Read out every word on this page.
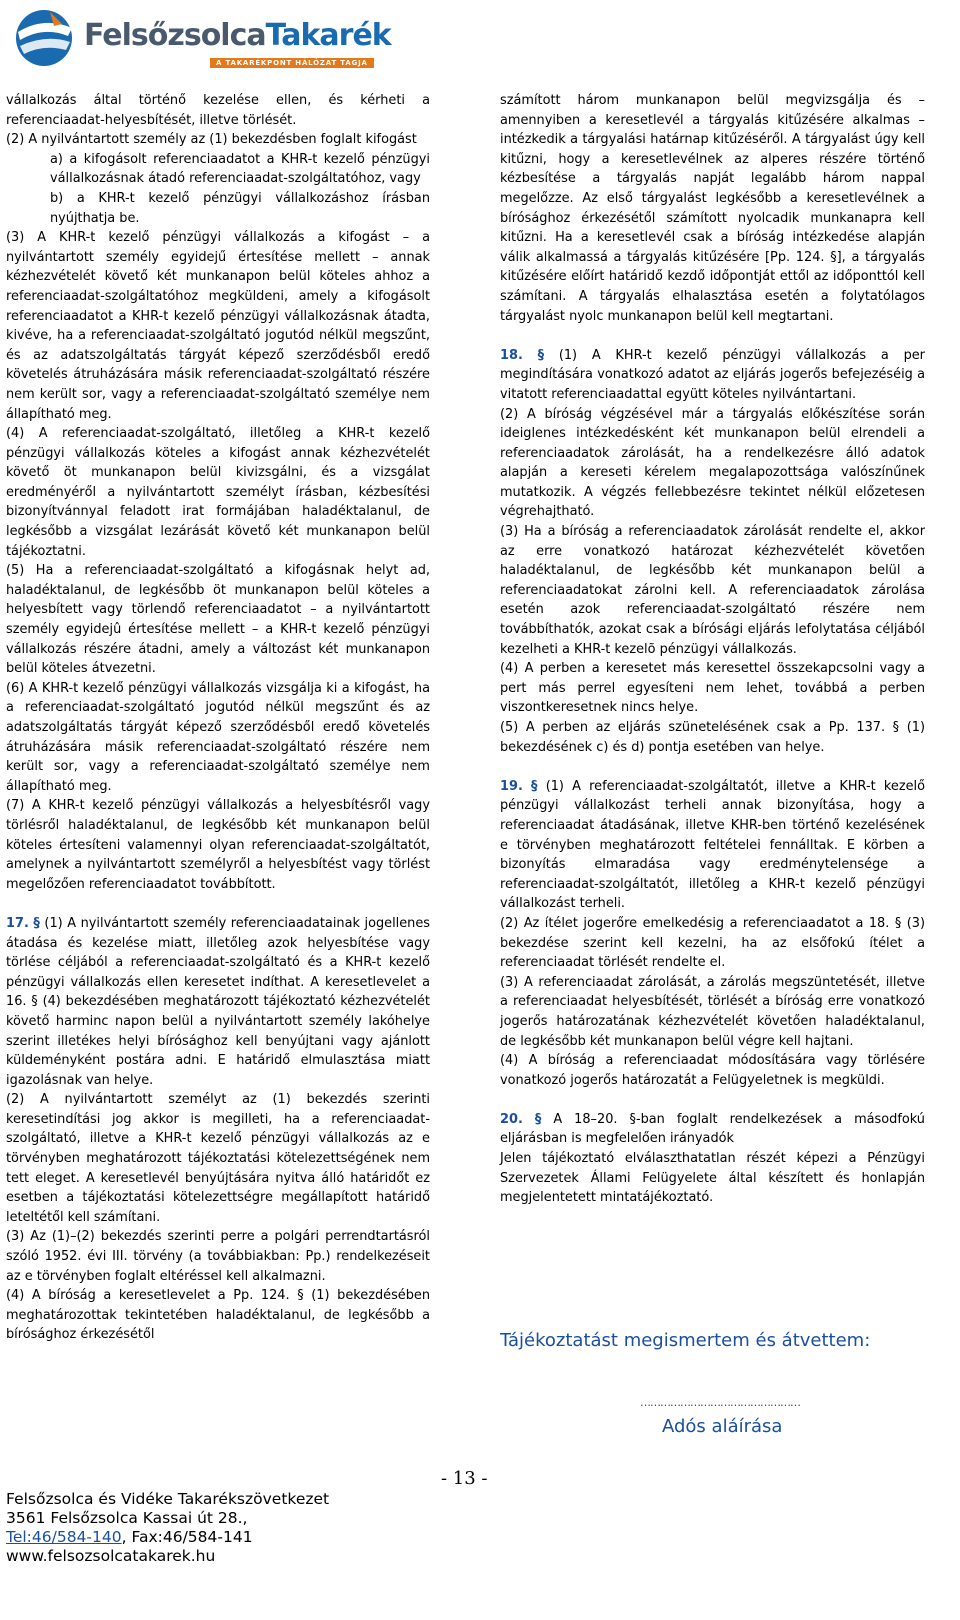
FelsőzsolcaTakarék
A TAKARÉKPONT HÁLÓZAT TAGJA

vállalkozás által történő kezelése ellen, és kérheti a referenciaadat-helyesbítését, illetve törlését.

(2) A nyilvántartott személy az (1) bekezdésben foglalt kifogást

a) a kifogásolt referenciaadatot a KHR-t kezelő pénzügyi vállalkozásnak átadó referenciaadat-szolgáltatóhoz, vagy

b) a KHR-t kezelő pénzügyi vállalkozáshoz írásban nyújthatja be.

(3) A KHR-t kezelő pénzügyi vállalkozás a kifogást – a nyilvántartott személy egyidejű értesítése mellett – annak kézhezvételét követő két munkanapon belül köteles ahhoz a referenciaadat-szolgáltatóhoz megküldeni, amely a kifogásolt referenciaadatot a KHR-t kezelő pénzügyi vállalkozásnak átadta, kivéve, ha a referenciaadat-szolgáltató jogutód nélkül megszűnt, és az adatszolgáltatás tárgyát képező szerződésből eredő követelés átruházására másik referenciaadat-szolgáltató részére nem került sor, vagy a referenciaadat-szolgáltató személye nem állapítható meg.

(4) A referenciaadat-szolgáltató, illetőleg a KHR-t kezelő pénzügyi vállalkozás köteles a kifogást annak kézhezvételét követő öt munkanapon belül kivizsgálni, és a vizsgálat eredményéről a nyilvántartott személyt írásban, kézbesítési bizonyítvánnyal feladott irat formájában haladéktalanul, de legkésőbb a vizsgálat lezárását követő két munkanapon belül tájékoztatni.

(5) Ha a referenciaadat-szolgáltató a kifogásnak helyt ad, haladéktalanul, de legkésőbb öt munkanapon belül köteles a helyesbített vagy törlendő referenciaadatot – a nyilvántartott személy egyidejû értesítése mellett – a KHR-t kezelő pénzügyi vállalkozás részére átadni, amely a változást két munkanapon belül köteles átvezetni.

(6) A KHR-t kezelő pénzügyi vállalkozás vizsgálja ki a kifogást, ha a referenciaadat-szolgáltató jogutód nélkül megszűnt és az adatszolgáltatás tárgyát képező szerződésből eredő követelés átruházására másik referenciaadat-szolgáltató részére nem került sor, vagy a referenciaadat-szolgáltató személye nem állapítható meg.

(7) A KHR-t kezelő pénzügyi vállalkozás a helyesbítésről vagy törlésről haladéktalanul, de legkésőbb két munkanapon belül köteles értesíteni valamennyi olyan referenciaadat-szolgáltatót, amelynek a nyilvántartott személyről a helyesbítést vagy törlést megelőzően referenciaadatot továbbított.

17. § (1) A nyilvántartott személy referenciaadatainak jogellenes átadása és kezelése miatt, illetőleg azok helyesbítése vagy törlése céljából a referenciaadat-szolgáltató és a KHR-t kezelő pénzügyi vállalkozás ellen keresetet indíthat. A keresetlevelet a 16. § (4) bekezdésében meghatározott tájékoztató kézhezvételét követő harminc napon belül a nyilvántartott személy lakóhelye szerint illetékes helyi bírósághoz kell benyújtani vagy ajánlott küldeményként postára adni. E határidő elmulasztása miatt igazolásnak van helye.

(2) A nyilvántartott személyt az (1) bekezdés szerinti keresetindítási jog akkor is megilleti, ha a referenciaadat-szolgáltató, illetve a KHR-t kezelő pénzügyi vállalkozás az e törvényben meghatározott tájékoztatási kötelezettségének nem tett eleget. A keresetlevél benyújtására nyitva álló határidőt ez esetben a tájékoztatási kötelezettségre megállapított határidő leteltétől kell számítani.

(3) Az (1)–(2) bekezdés szerinti perre a polgári perrendtartásról szóló 1952. évi III. törvény (a továbbiakban: Pp.) rendelkezéseit az e törvényben foglalt eltéréssel kell alkalmazni.

(4) A bíróság a keresetlevelet a Pp. 124. § (1) bekezdésében meghatározottak tekintetében haladéktalanul, de legkésőbb a bírósághoz érkezésétől

számított három munkanapon belül megvizsgálja és – amennyiben a keresetlevél a tárgyalás kitűzésére alkalmas – intézkedik a tárgyalási határnap kitűzéséről. A tárgyalást úgy kell kitűzni, hogy a keresetlevélnek az alperes részére történő kézbesítése a tárgyalás napját legalább három nappal megelőzze. Az első tárgyalást legkésőbb a keresetlevélnek a bírósághoz érkezésétől számított nyolcadik munkanapra kell kitűzni. Ha a keresetlevél csak a bíróság intézkedése alapján válik alkalmassá a tárgyalás kitűzésére [Pp. 124. §], a tárgyalás kitűzésére előírt határidő kezdő időpontját ettől az időponttól kell számítani. A tárgyalás elhalasztása esetén a folytatólagos tárgyalást nyolc munkanapon belül kell megtartani.

18. § (1) A KHR-t kezelő pénzügyi vállalkozás a per megindítására vonatkozó adatot az eljárás jogerős befejezéséig a vitatott referenciaadattal együtt köteles nyilvántartani.

(2) A bíróság végzésével már a tárgyalás előkészítése során ideiglenes intézkedésként két munkanapon belül elrendeli a referenciaadatok zárolását, ha a rendelkezésre álló adatok alapján a kereseti kérelem megalapozottsága valószínűnek mutatkozik. A végzés fellebbezésre tekintet nélkül előzetesen végrehajtható.

(3) Ha a bíróság a referenciaadatok zárolását rendelte el, akkor az erre vonatkozó határozat kézhezvételét követően haladéktalanul, de legkésőbb két munkanapon belül a referenciaadatokat zárolni kell. A referenciaadatok zárolása esetén azok referenciaadat-szolgáltató részére nem továbbíthatók, azokat csak a bírósági eljárás lefolytatása céljából kezelheti a KHR-t kezelõ pénzügyi vállalkozás.

(4) A perben a keresetet más keresettel összekapcsolni vagy a pert más perrel egyesíteni nem lehet, továbbá a perben viszontkeresetnek nincs helye.

(5) A perben az eljárás szünetelésének csak a Pp. 137. § (1) bekezdésének c) és d) pontja esetében van helye.

19. § (1) A referenciaadat-szolgáltatót, illetve a KHR-t kezelő pénzügyi vállalkozást terheli annak bizonyítása, hogy a referenciaadat átadásának, illetve KHR-ben történő kezelésének e törvényben meghatározott feltételei fennálltak. E körben a bizonyítás elmaradása vagy eredménytelensége a referenciaadat-szolgáltatót, illetőleg a KHR-t kezelő pénzügyi vállalkozást terheli.

(2) Az ítélet jogerőre emelkedésig a referenciaadatot a 18. § (3) bekezdése szerint kell kezelni, ha az elsőfokú ítélet a referenciaadat törlését rendelte el.

(3) A referenciaadat zárolását, a zárolás megszüntetését, illetve a referenciaadat helyesbítését, törlését a bíróság erre vonatkozó jogerős határozatának kézhezvételét követően haladéktalanul, de legkésőbb két munkanapon belül végre kell hajtani.

(4) A bíróság a referenciaadat módosítására vagy törlésére vonatkozó jogerős határozatát a Felügyeletnek is megküldi.

20. § A 18–20. §-ban foglalt rendelkezések a másodfokú eljárásban is megfelelően irányadók

Jelen tájékoztató elválaszthatatlan részét képezi a Pénzügyi Szervezetek Állami Felügyelete által készített és honlapján megjelentetett mintatájékoztató.

Tájékoztatást megismertem és átvettem:
…………………………………………
Adós aláírása
- 13 -
Felsőzsolca és Vidéke Takarékszövetkezet
3561 Felsőzsolca Kassai út 28.,
Tel:46/584-140, Fax:46/584-141
www.felsozsolcatakarek.hu
